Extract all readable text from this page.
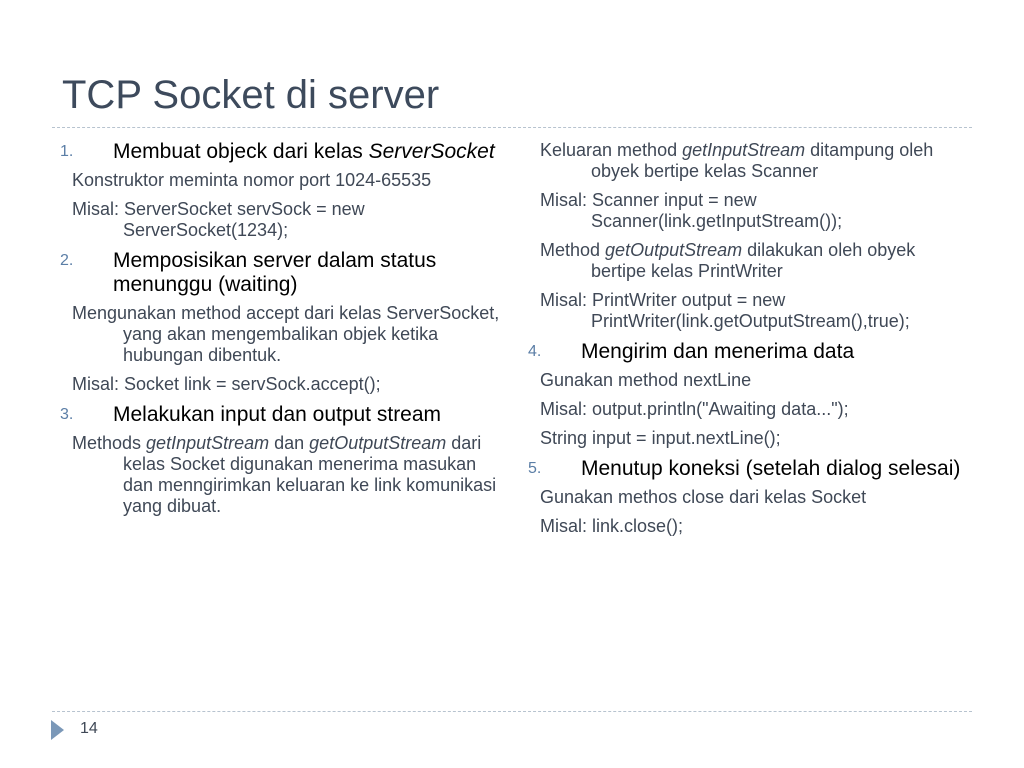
TCP Socket di server
1. Membuat objeck dari kelas ServerSocket
Konstruktor meminta nomor port 1024-65535
Misal: ServerSocket servSock = new ServerSocket(1234);
2. Memposisikan server dalam status menunggu (waiting)
Mengunakan method accept dari kelas ServerSocket, yang akan mengembalikan objek ketika hubungan dibentuk.
Misal: Socket link = servSock.accept();
3. Melakukan input dan output stream
Methods getInputStream dan getOutputStream dari kelas Socket digunakan menerima masukan dan menngirimkan keluaran ke link komunikasi yang dibuat.
Keluaran method getInputStream ditampung oleh obyek bertipe kelas Scanner
Misal: Scanner input = new Scanner(link.getInputStream());
Method getOutputStream dilakukan oleh obyek bertipe kelas PrintWriter
Misal: PrintWriter output = new PrintWriter(link.getOutputStream(),true);
4. Mengirim dan menerima data
Gunakan method nextLine
Misal: output.println("Awaiting data...");
String input = input.nextLine();
5. Menutup koneksi (setelah dialog selesai)
Gunakan methos close dari kelas Socket
Misal: link.close();
14
